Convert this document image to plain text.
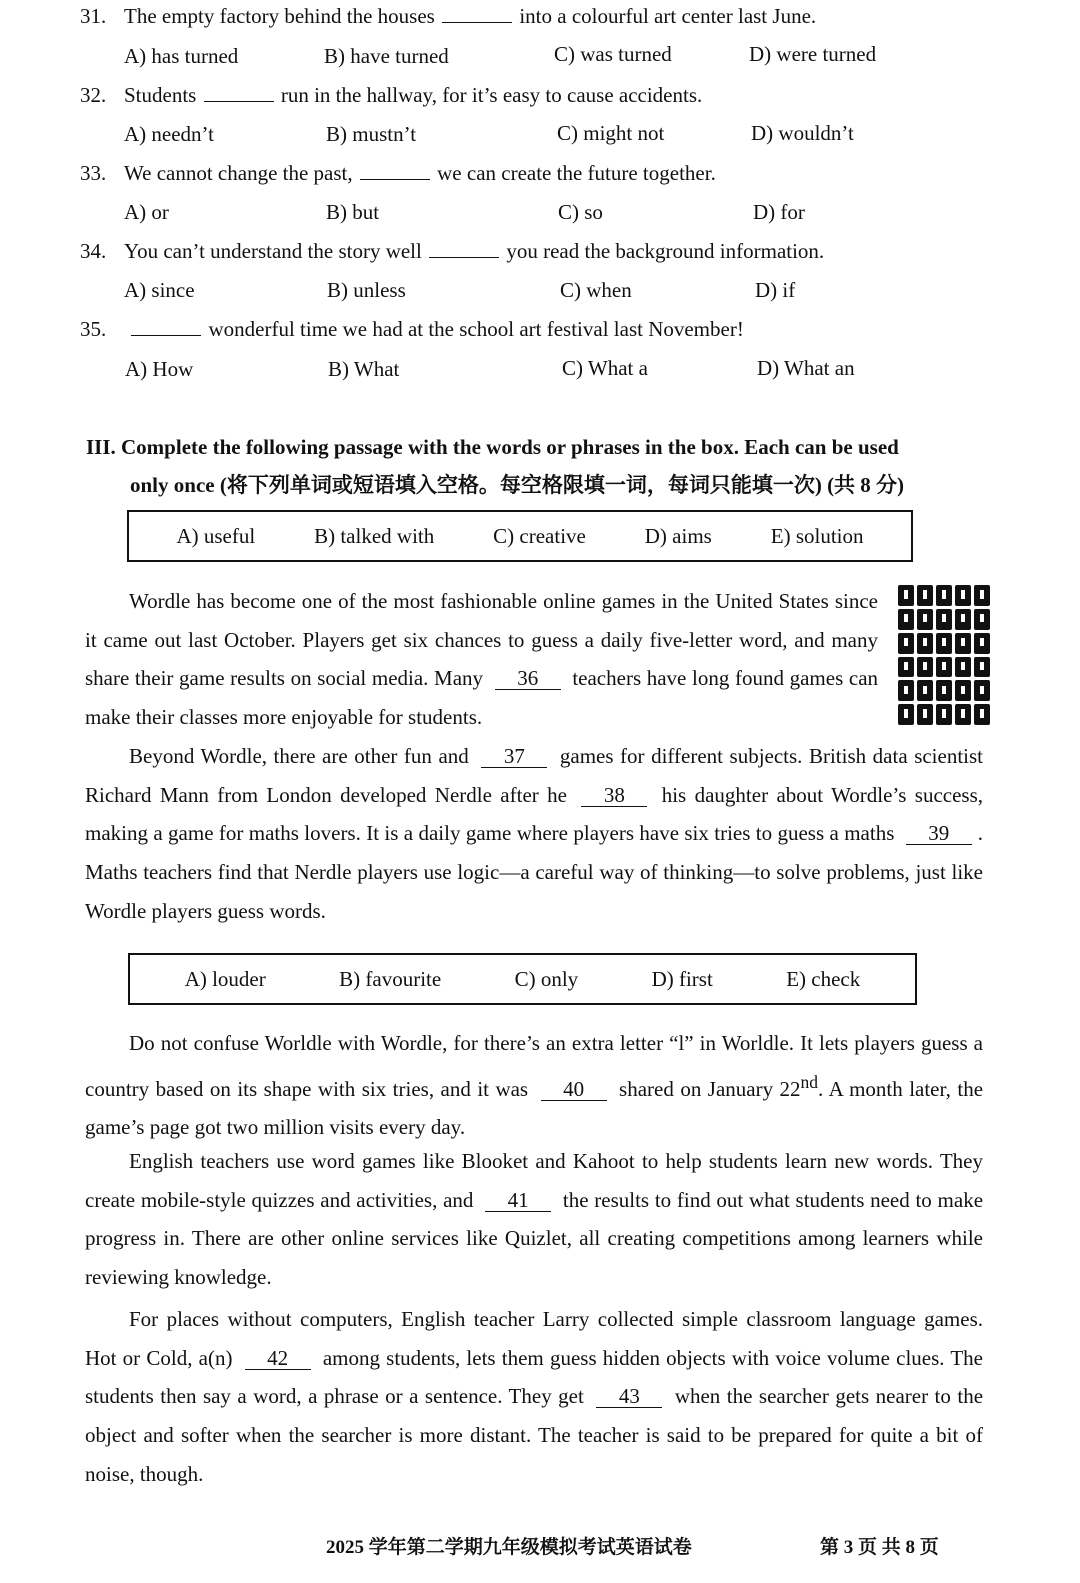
31. The empty factory behind the houses	into a colourful art center last June.
A) has turned	B) have turned	C) was turned	D) were turned
32. Students	run in the hallway, for it’s easy to cause accidents.
A) needn’t	B) mustn’t	C) might not	D) wouldn’t
33. We cannot change the past,	we can create the future together.
A) or	B) but	C) so	D) for
34. You can’t understand the story well	you read the background information.
A) since	B) unless	C) when	D) if
35.	wonderful time we had at the school art festival last November!
A) How	B) What	C) What a	D) What an
III. Complete the following passage with the words or phrases in the box. Each can be used
only once (将下列单词或短语填入空格。每空格限填一词，每词只能填一次) (共 8 分)
A) useful	B) talked with	C) creative	D) aims	E) solution
Wordle has become one of the most fashionable online games in the United States since it came out last October. Players get six chances to guess a daily five-letter word, and many share their game results on social media. Many 36 teachers have long found games can make their classes more enjoyable for students.
Beyond Wordle, there are other fun and 37 games for different subjects. British data scientist Richard Mann from London developed Nerdle after he 38 his daughter about Wordle’s success, making a game for maths lovers. It is a daily game where players have six tries to guess a maths 39 . Maths teachers find that Nerdle players use logic—a careful way of thinking—to solve problems, just like Wordle players guess words.
A) louder	B) favourite	C) only	D) first	E) check
Do not confuse Worldle with Wordle, for there’s an extra letter “l” in Worldle. It lets players guess a country based on its shape with six tries, and it was 40 shared on January 22nd. A month later, the game’s page got two million visits every day.
English teachers use word games like Blooket and Kahoot to help students learn new words. They create mobile-style quizzes and activities, and 41 the results to find out what students need to make progress in. There are other online services like Quizlet, all creating competitions among learners while reviewing knowledge.
For places without computers, English teacher Larry collected simple classroom language games. Hot or Cold, a(n) 42 among students, lets them guess hidden objects with voice volume clues. The students then say a word, a phrase or a sentence. They get 43 when the searcher gets nearer to the object and softer when the searcher is more distant. The teacher is said to be prepared for quite a bit of noise, though.
2025 学年第二学期九年级模拟考试英语试卷	第 3 页 共 8 页
